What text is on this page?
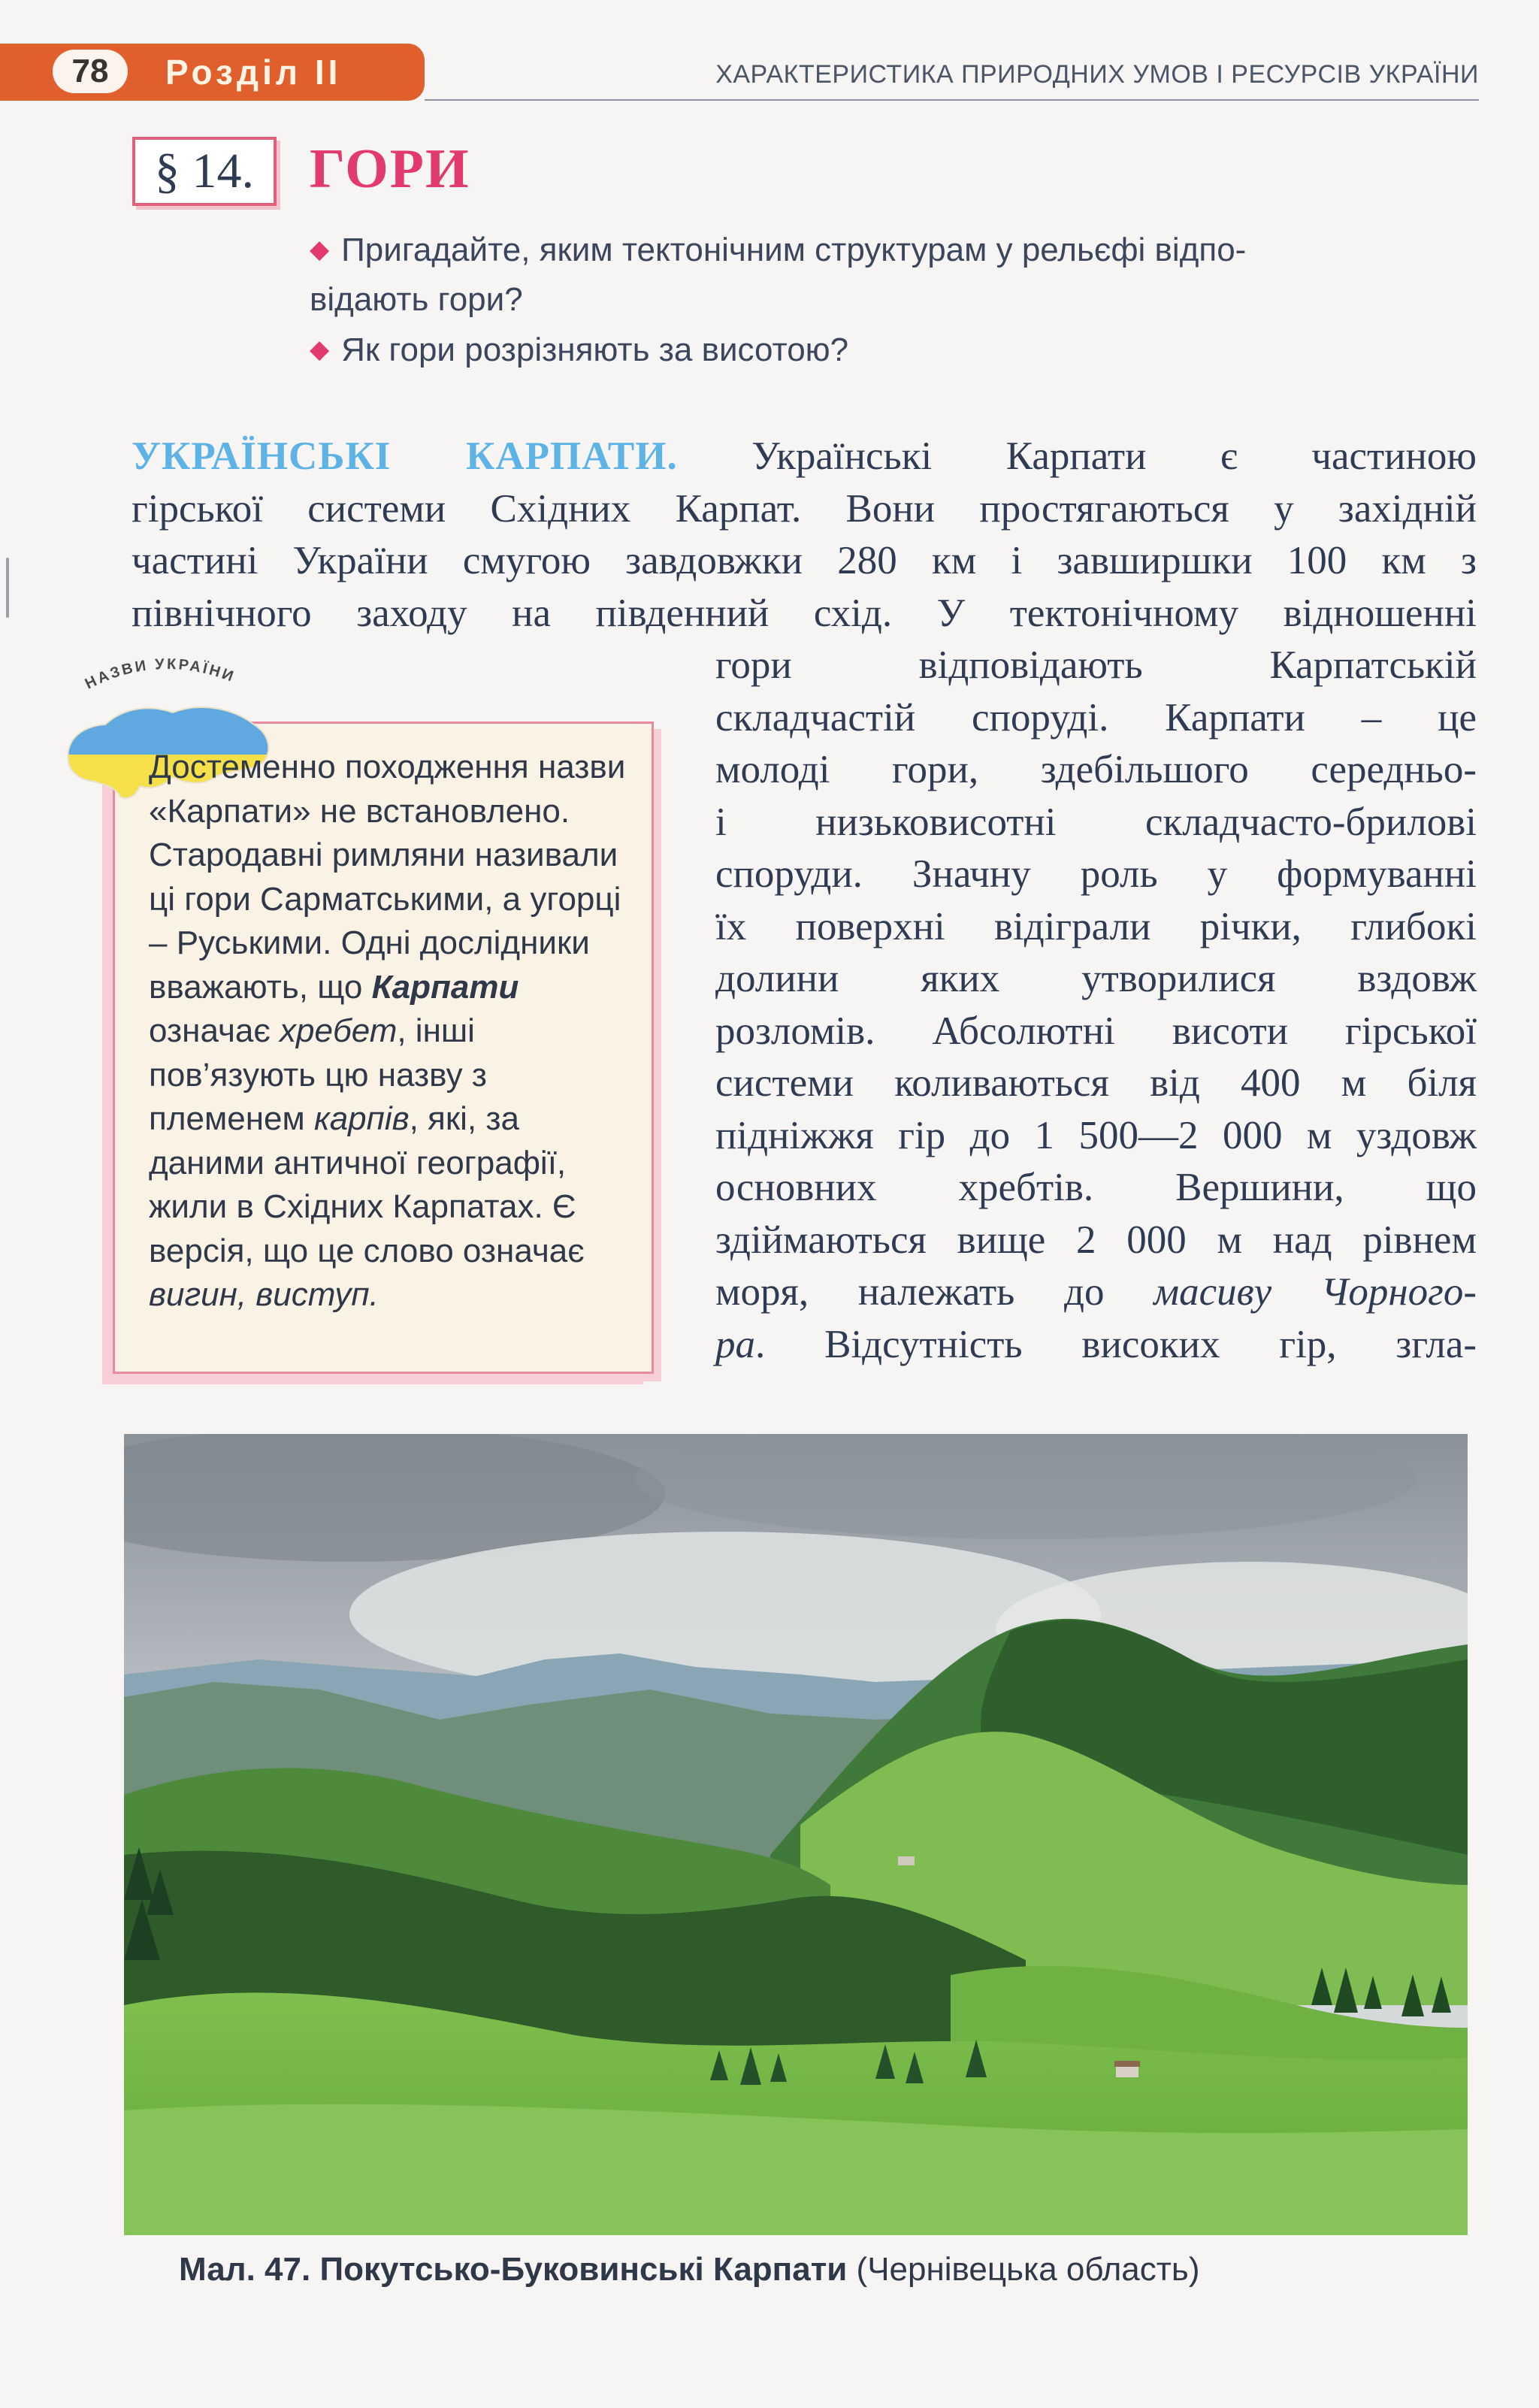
78	Розділ ІІ	ХАРАКТЕРИСТИКА ПРИРОДНИХ УМОВ І РЕСУРСІВ УКРАЇНИ
§ 14.	ГОРИ
◆ Пригадайте, яким тектонічним структурам у рельєфі відпо-
відають гори?
◆ Як гори розрізняють за висотою?
УКРАЇНСЬКІ КАРПАТИ. Українські Карпати є частиною
гірської системи Східних Карпат. Вони простягаються у західній
частині України смугою завдовжки 280 км і завширшки 100 км з
північного заходу на південний схід. У тектонічному відношенні
гори відповідають Карпатській
складчастій споруді. Карпати – це
молоді гори, здебільшого середньо-
і низьковисотні складчасто-брилові
споруди. Значну роль у формуванні
їх поверхні відіграли річки, глибокі
долини яких утворилися вздовж
розломів. Абсолютні висоти гірської
системи коливаються від 400 м біля
підніжжя гір до 1 500—2 000 м уздовж
основних хребтів. Вершини, що
здіймаються вище 2 000 м над рівнем
моря, належать до масиву Чорного-
ра. Відсутність високих гір, згла-
НАЗВИ УКРАЇНИ
Достеменно походження назви «Карпати» не встановлено. Стародавні римляни називали ці гори Сарматськими, а угорці – Руськими. Одні дослідники вважають, що Карпати означає хребет, інші пов’язують цю назву з племенем карпів, які, за даними античної географії, жили в Східних Карпатах. Є версія, що це слово означає вигин, виступ.
Мал. 47. Покутсько-Буковинські Карпати (Чернівецька область)
